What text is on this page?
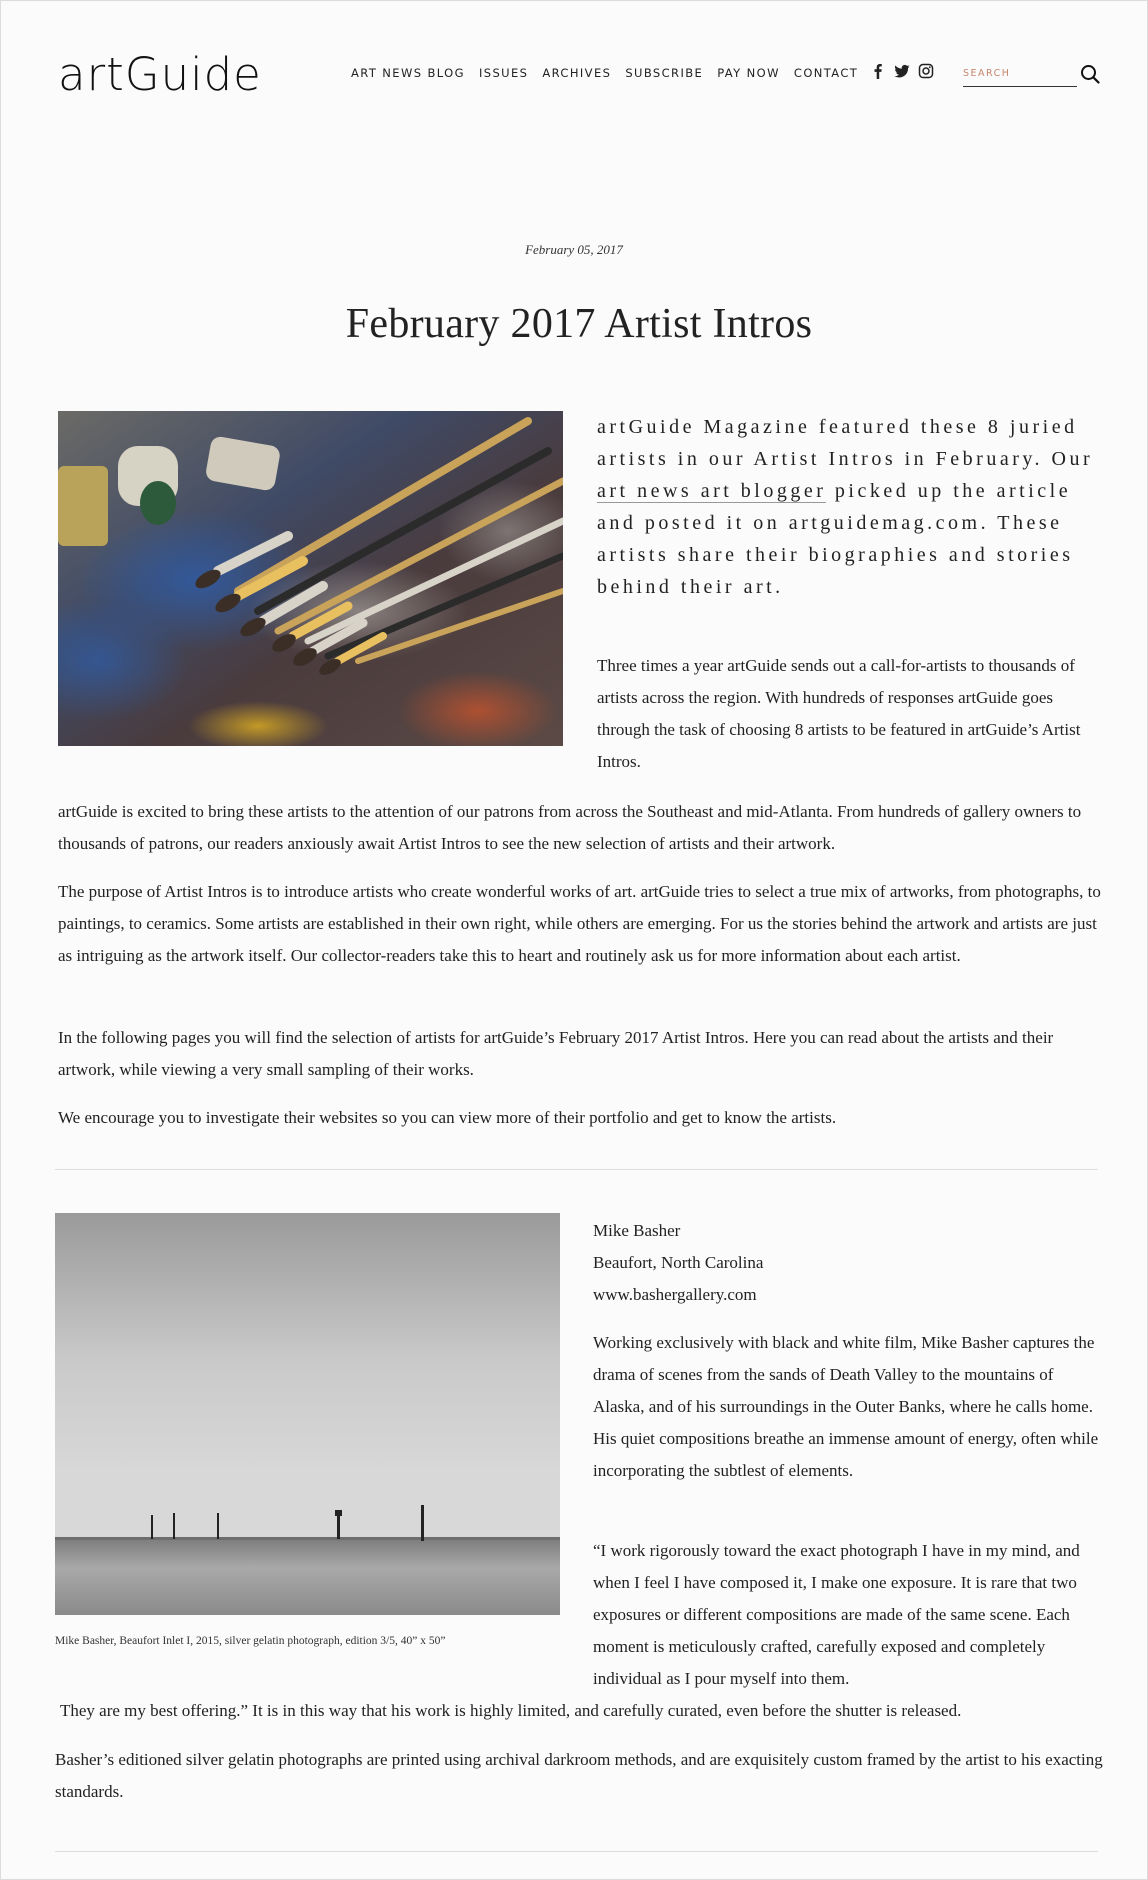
artGuide	ART NEWS BLOG ISSUES ARCHIVES SUBSCRIBE PAY NOW CONTACT
SEARCH
February 05, 2017
February 2017 Artist Intros

artGuide Magazine featured these 8 juried artists in our Artist Intros in February. Our art news art blogger picked up the article and posted it on artguidemag.com. These artists share their biographies and stories behind their art.

Three times a year artGuide sends out a call-for-artists to thousands of artists across the region. With hundreds of responses artGuide goes through the task of choosing 8 artists to be featured in artGuide’s Artist Intros.

artGuide is excited to bring these artists to the attention of our patrons from across the Southeast and mid-Atlanta. From hundreds of gallery owners to thousands of patrons, our readers anxiously await Artist Intros to see the new selection of artists and their artwork.

The purpose of Artist Intros is to introduce artists who create wonderful works of art. artGuide tries to select a true mix of artworks, from photographs, to paintings, to ceramics. Some artists are established in their own right, while others are emerging. For us the stories behind the artwork and artists are just as intriguing as the artwork itself. Our collector-readers take this to heart and routinely ask us for more information about each artist.

In the following pages you will find the selection of artists for artGuide’s February 2017 Artist Intros. Here you can read about the artists and their artwork, while viewing a very small sampling of their works.

We encourage you to investigate their websites so you can view more of their portfolio and get to know the artists.

Mike Basher, Beaufort Inlet I, 2015, silver gelatin photograph, edition 3/5, 40” x 50”
Mike Basher
Beaufort, North Carolina
www.bashergallery.com

Working exclusively with black and white film, Mike Basher captures the drama of scenes from the sands of Death Valley to the mountains of Alaska, and of his surroundings in the Outer Banks, where he calls home. His quiet compositions breathe an immense amount of energy, often while incorporating the subtlest of elements.

“I work rigorously toward the exact photograph I have in my mind, and when I feel I have composed it, I make one exposure. It is rare that two exposures or different compositions are made of the same scene. Each moment is meticulously crafted, carefully exposed and completely individual as I pour myself into them.

They are my best offering.” It is in this way that his work is highly limited, and carefully curated, even before the shutter is released.

Basher’s editioned silver gelatin photographs are printed using archival darkroom methods, and are exquisitely custom framed by the artist to his exacting standards.
